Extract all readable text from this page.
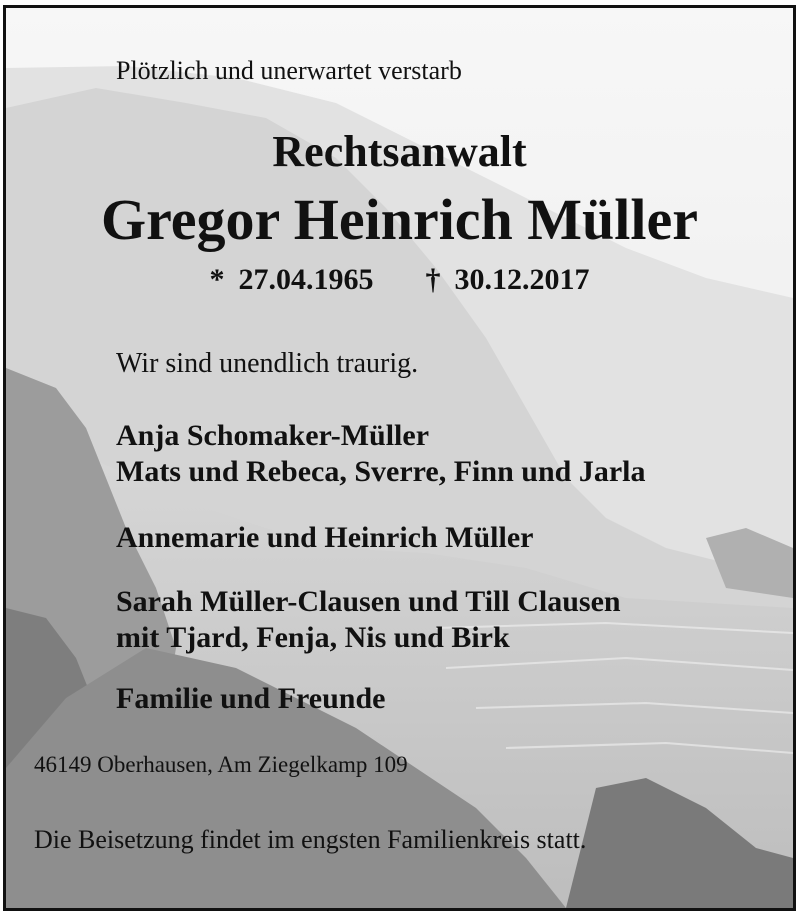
Plötzlich und unerwartet verstarb

Rechtsanwalt

Gregor Heinrich Müller

* 27.04.1965 † 30.12.2017

Wir sind unendlich traurig.

Anja Schomaker-Müller
Mats und Rebeca, Sverre, Finn und Jarla
Annemarie und Heinrich Müller
Sarah Müller-Clausen und Till Clausen
mit Tjard, Fenja, Nis und Birk
Familie und Freunde

46149 Oberhausen, Am Ziegelkamp 109

Die Beisetzung findet im engsten Familienkreis statt.
